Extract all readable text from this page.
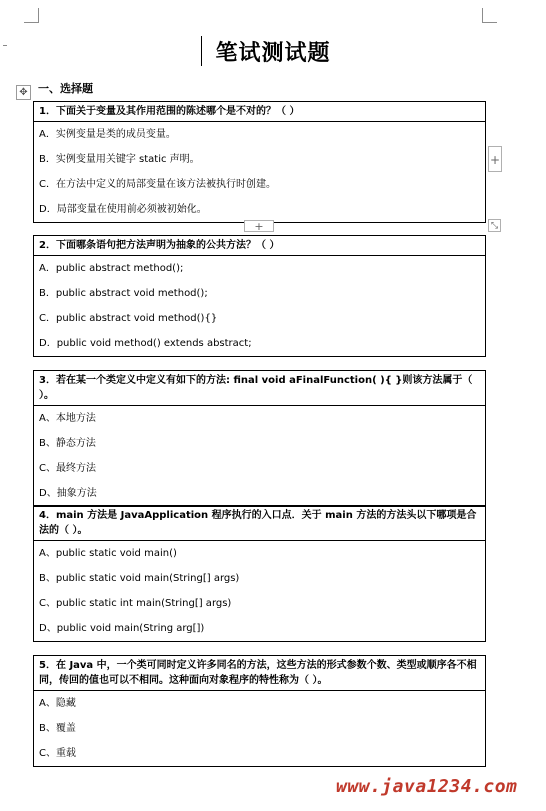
笔试测试题
✥ 一、选择题
1．下面关于变量及其作用范围的陈述哪个是不对的？（ ）
A．实例变量是类的成员变量。
B．实例变量用关键字 static 声明。
C．在方法中定义的局部变量在该方法被执行时创建。
D．局部变量在使用前必须被初始化。
+
+	⤡
2．下面哪条语句把方法声明为抽象的公共方法？（ ）
A．public abstract method();
B．public abstract void method();
C．public abstract void method(){}
D．public void method() extends abstract;
3．若在某一个类定义中定义有如下的方法: final void aFinalFunction( ){ }则该方法属于（ ）。
A、本地方法
B、静态方法
C、最终方法
D、抽象方法
4．main 方法是 JavaApplication 程序执行的入口点．关于 main 方法的方法头以下哪项是合法的（ ）。
A、public static void main()
B、public static void main(String[] args)
C、public static int main(String[] args)
D、public void main(String arg[])
5．在 Java 中，一个类可同时定义许多同名的方法，这些方法的形式参数个数、类型或顺序各不相同，传回的值也可以不相同。这种面向对象程序的特性称为（ ）。
A、隐藏
B、覆盖
C、重载
www.java1234.com
